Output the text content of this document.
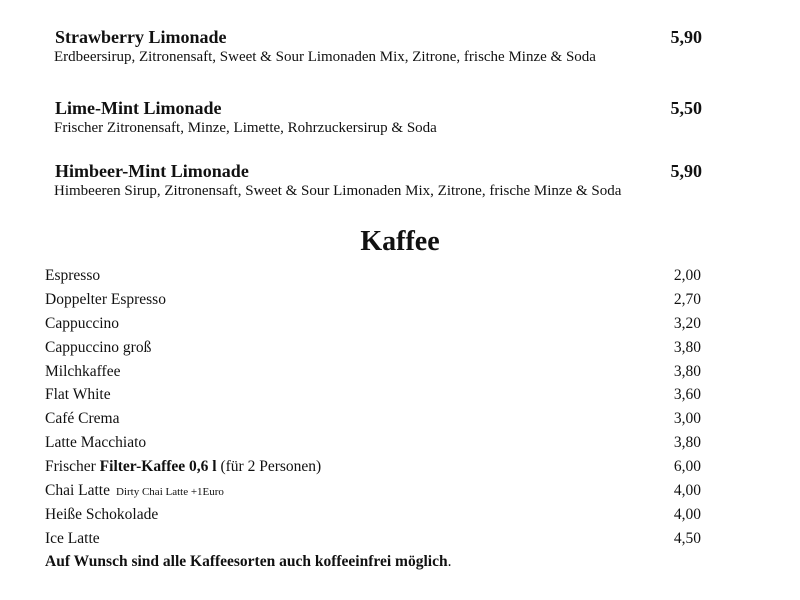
Strawberry Limonade	5,90
Erdbeersirup, Zitronensaft, Sweet & Sour Limonaden Mix, Zitrone, frische Minze & Soda
Lime-Mint Limonade	5,50
Frischer Zitronensaft, Minze, Limette, Rohrzuckersirup & Soda
Himbeer-Mint Limonade	5,90
Himbeeren Sirup, Zitronensaft, Sweet & Sour Limonaden Mix, Zitrone, frische Minze & Soda
Kaffee
Espresso	2,00
Doppelter Espresso	2,70
Cappuccino	3,20
Cappuccino groß	3,80
Milchkaffee	3,80
Flat White	3,60
Café Crema	3,00
Latte Macchiato	3,80
Frischer Filter-Kaffee 0,6 l (für 2 Personen)	6,00
Chai Latte Dirty Chai Latte +1Euro	4,00
Heiße Schokolade	4,00
Ice Latte	4,50
Auf Wunsch sind alle Kaffeesorten auch koffeeinfrei möglich.
